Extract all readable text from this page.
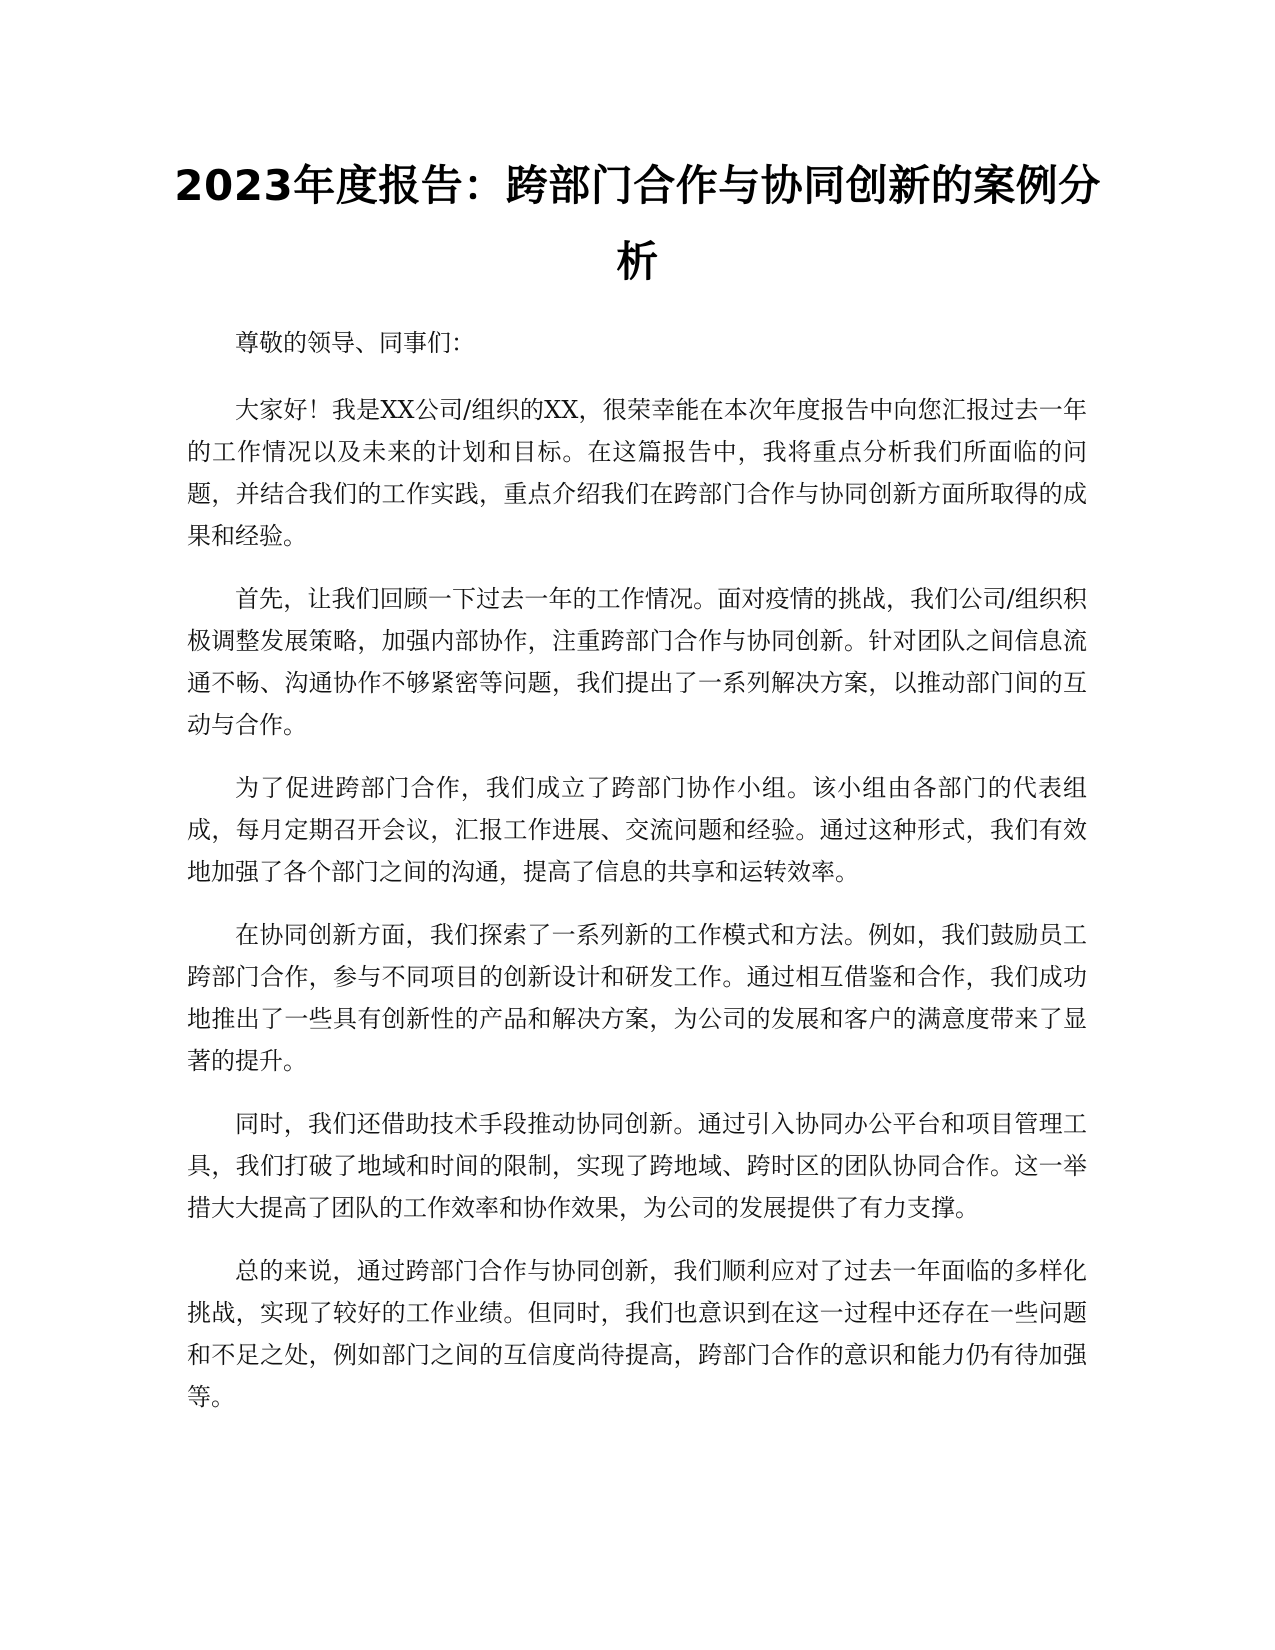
2023年度报告：跨部门合作与协同创新的案例分析

尊敬的领导、同事们：

大家好！我是XX公司/组织的XX，很荣幸能在本次年度报告中向您汇报过去一年的工作情况以及未来的计划和目标。在这篇报告中，我将重点分析我们所面临的问题，并结合我们的工作实践，重点介绍我们在跨部门合作与协同创新方面所取得的成果和经验。

首先，让我们回顾一下过去一年的工作情况。面对疫情的挑战，我们公司/组织积极调整发展策略，加强内部协作，注重跨部门合作与协同创新。针对团队之间信息流通不畅、沟通协作不够紧密等问题，我们提出了一系列解决方案，以推动部门间的互动与合作。

为了促进跨部门合作，我们成立了跨部门协作小组。该小组由各部门的代表组成，每月定期召开会议，汇报工作进展、交流问题和经验。通过这种形式，我们有效地加强了各个部门之间的沟通，提高了信息的共享和运转效率。

在协同创新方面，我们探索了一系列新的工作模式和方法。例如，我们鼓励员工跨部门合作，参与不同项目的创新设计和研发工作。通过相互借鉴和合作，我们成功地推出了一些具有创新性的产品和解决方案，为公司的发展和客户的满意度带来了显著的提升。

同时，我们还借助技术手段推动协同创新。通过引入协同办公平台和项目管理工具，我们打破了地域和时间的限制，实现了跨地域、跨时区的团队协同合作。这一举措大大提高了团队的工作效率和协作效果，为公司的发展提供了有力支撑。

总的来说，通过跨部门合作与协同创新，我们顺利应对了过去一年面临的多样化挑战，实现了较好的工作业绩。但同时，我们也意识到在这一过程中还存在一些问题和不足之处，例如部门之间的互信度尚待提高，跨部门合作的意识和能力仍有待加强等。
